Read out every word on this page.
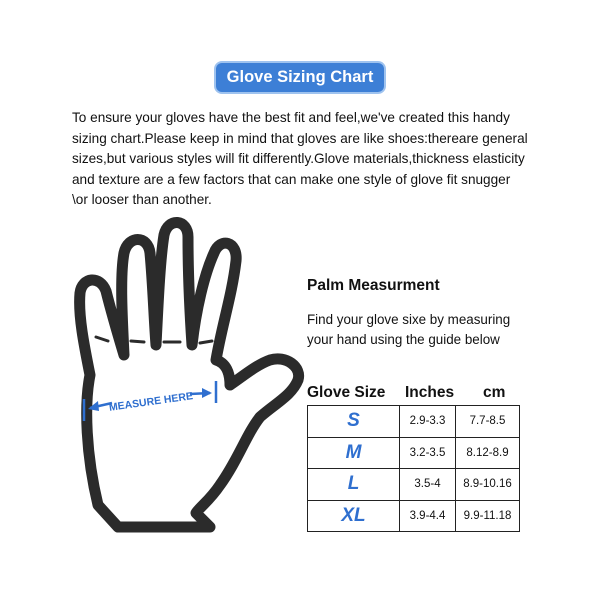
Glove Sizing Chart
To ensure your gloves have the best fit and feel,we've created this handy
sizing chart.Please keep in mind that gloves are like shoes:thereare general
sizes,but various styles will fit differently.Glove materials,thickness elasticity
and texture are a few factors that can make one style of glove fit snugger
\or looser than another.
MEASURE HERE
Palm Measurment
Find your glove sixe by measuring
your hand using the guide below
Glove Size Inches cm
S	2.9-3.3	7.7-8.5
M	3.2-3.5	8.12-8.9
L	3.5-4	8.9-10.16
XL	3.9-4.4	9.9-11.18
